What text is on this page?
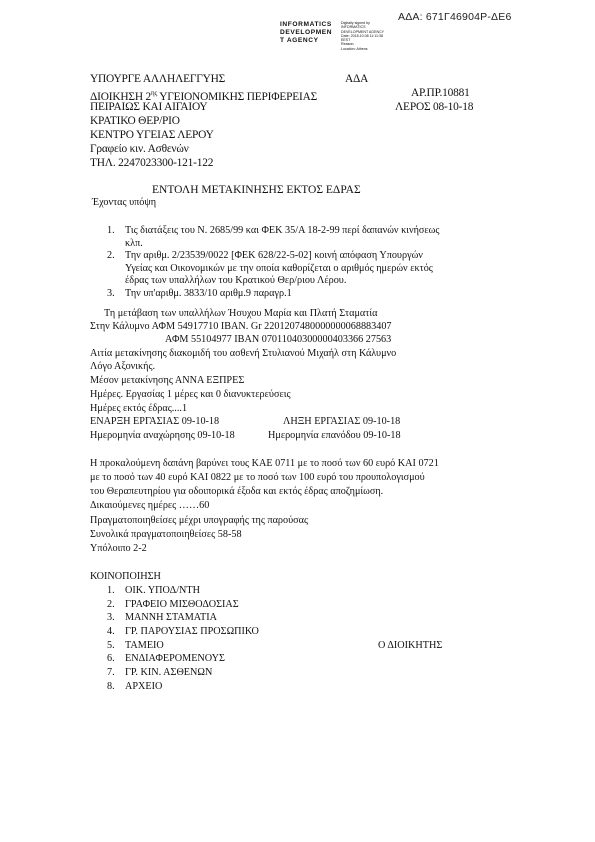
ΑΔΑ: 671Γ46904Ρ-ΔΕ6
INFORMATICS
DEVELOPMEN
T AGENCY
Digitally signed by
INFORMATICS
DEVELOPMENT AGENCY
Date: 2018.10.08 11:11:38
EEST
Reason:
Location: Athens
ΥΠΟΥΡΓΕ ΑΛΛΗΛΕΓΓΥΗΣ	ΑΔΑ
ΔΙΟΙΚΗΣΗ $2^{\eta\varsigma}$ ΥΓΕΙΟΝΟΜΙΚΗΣ ΠΕΡΙΦΕΡΕΙΑΣ	ΑΡ.ΠΡ.10881
ΠΕΙΡΑΙΩΣ ΚΑΙ ΑΙΓΑΙΟΥ	ΛΕΡΟΣ 08-10-18
ΚΡΑΤΙΚΟ ΘΕΡ/ΡΙΟ
ΚΕΝΤΡΟ ΥΓΕΙΑΣ ΛΕΡΟΥ
Γραφείο κιν. Ασθενών
ΤΗΛ. 2247023300-121-122
ΕΝΤΟΛΗ ΜΕΤΑΚΙΝΗΣΗΣ ΕΚΤΟΣ ΕΔΡΑΣ
Έχοντας υπόψη
1. Τις διατάξεις του Ν. 2685/99 και ΦΕΚ 35/Α 18-2-99 περί δαπανών κινήσεως
κλπ.
2. Την αριθμ. 2/23539/0022 [ΦΕΚ 628/22-5-02] κοινή απόφαση Υπουργών
Υγείας και Οικονομικών με την οποία καθορίζεται ο αριθμός ημερών εκτός
έδρας των υπαλλήλων του Κρατικού Θερ/ριου Λέρου.
3. Την υπ'αριθμ. 3833/10 αριθμ.9 παραγρ.1
Τη μετάβαση των υπαλλήλων Ήσυχου Μαρία και Πλατή Σταματία
Στην Κάλυμνο ΑΦΜ 54917710 ΙΒΑΝ. Gr 2201207480000000068883407
ΑΦΜ 55104977 ΙΒΑΝ 07011040300000403366 27563
Αιτία μετακίνησης διακομιδή του ασθενή Στυλιανού Μιχαήλ στη Κάλυμνο
Λόγο Αξονικής.
Μέσον μετακίνησης ΑΝΝΑ ΕΞΠΡΕΣ
Ημέρες. Εργασίας 1 μέρες και 0 διανυκτερεύσεις
Ημέρες εκτός έδρας....1
ΕΝΑΡΞΗ ΕΡΓΑΣΙΑΣ 09-10-18	ΛΗΞΗ ΕΡΓΑΣΙΑΣ 09-10-18
Ημερομηνία αναχώρησης 09-10-18	Ημερομηνία επανόδου 09-10-18
Η προκαλούμενη δαπάνη βαρύνει τους ΚΑΕ 0711 με το ποσό των 60 ευρό ΚΑΙ 0721
με το ποσό των 40 ευρό ΚΑΙ 0822 με το ποσό των 100 ευρό του προυπολογισμού
του Θεραπευτηρίου για οδοιπορικά έξοδα και εκτός έδρας αποζημίωση.
Δικαιούμενες ημέρες ……60
Πραγματοποιηθείσες μέχρι υπογραφής της παρούσας
Συνολικά πραγματοποιηθείσες 58-58
Υπόλοιπο 2-2
ΚΟΙΝΟΠΟΙΗΣΗ
1. ΟΙΚ. ΥΠΟΔ/ΝΤΗ
2. ΓΡΑΦΕΙΟ ΜΙΣΘΟΔΟΣΙΑΣ
3. ΜΑΝΝΗ ΣΤΑΜΑΤΙΑ
4. ΓΡ. ΠΑΡΟΥΣΙΑΣ ΠΡΟΣΩΠΙΚΟ
5. ΤΑΜΕΙΟ
6. ΕΝΔΙΑΦΕΡΟΜΕΝΟΥΣ
7. ΓΡ. ΚΙΝ. ΑΣΘΕΝΩΝ
8. ΑΡΧΕΙΟ
Ο ΔΙΟΙΚΗΤΗΣ
